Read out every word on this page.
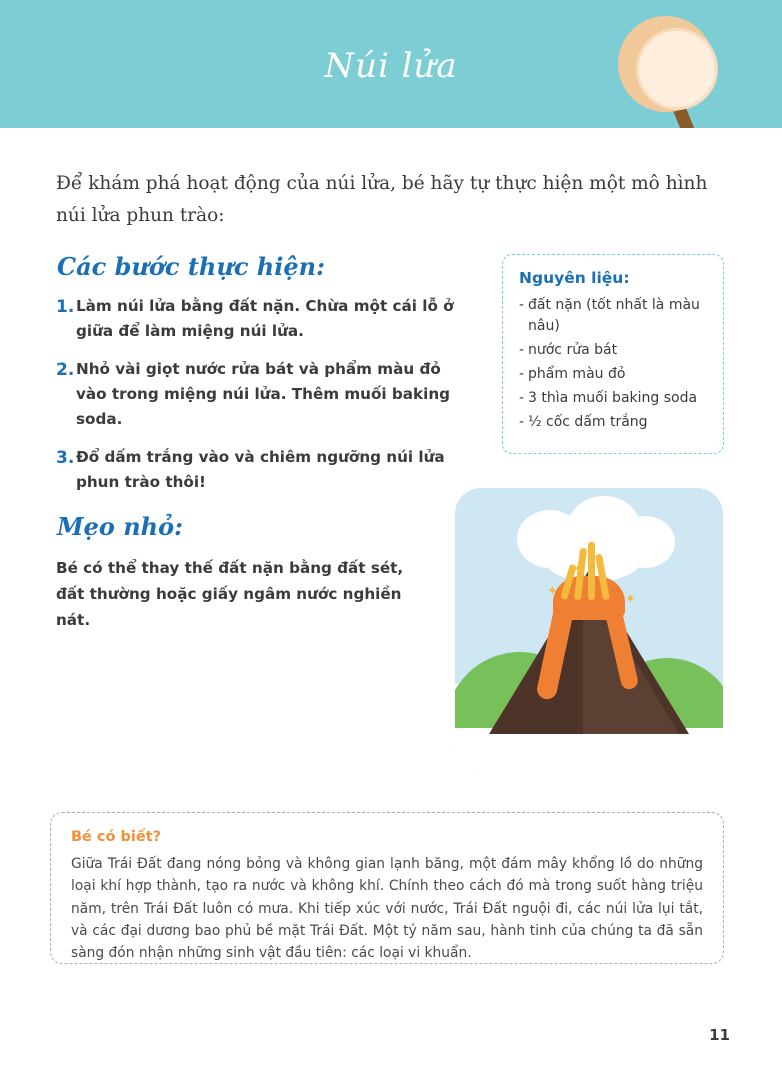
Núi lửa
Để khám phá hoạt động của núi lửa, bé hãy tự thực hiện một mô hình núi lửa phun trào:
Các bước thực hiện:
1. Làm núi lửa bằng đất nặn. Chừa một cái lỗ ở giữa để làm miệng núi lửa.
2. Nhỏ vài giọt nước rửa bát và phẩm màu đỏ vào trong miệng núi lửa. Thêm muối baking soda.
3. Đổ dấm trắng vào và chiêm ngưỡng núi lửa phun trào thôi!
Nguyên liệu:
- đất nặn (tốt nhất là màu nâu)
- nước rửa bát
- phẩm màu đỏ
- 3 thìa muối baking soda
- ½ cốc dấm trắng
Mẹo nhỏ:
Bé có thể thay thế đất nặn bằng đất sét, đất thường hoặc giấy ngâm nước nghiền nát.
✦
✦
✦
Bé có biết?
Giữa Trái Đất đang nóng bỏng và không gian lạnh băng, một đám mây khổng lồ do những loại khí hợp thành, tạo ra nước và không khí. Chính theo cách đó mà trong suốt hàng triệu năm, trên Trái Đất luôn có mưa. Khi tiếp xúc với nước, Trái Đất nguội đi, các núi lửa lụi tắt, và các đại dương bao phủ bề mặt Trái Đất. Một tỷ năm sau, hành tinh của chúng ta đã sẵn sàng đón nhận những sinh vật đầu tiên: các loại vi khuẩn.
11
